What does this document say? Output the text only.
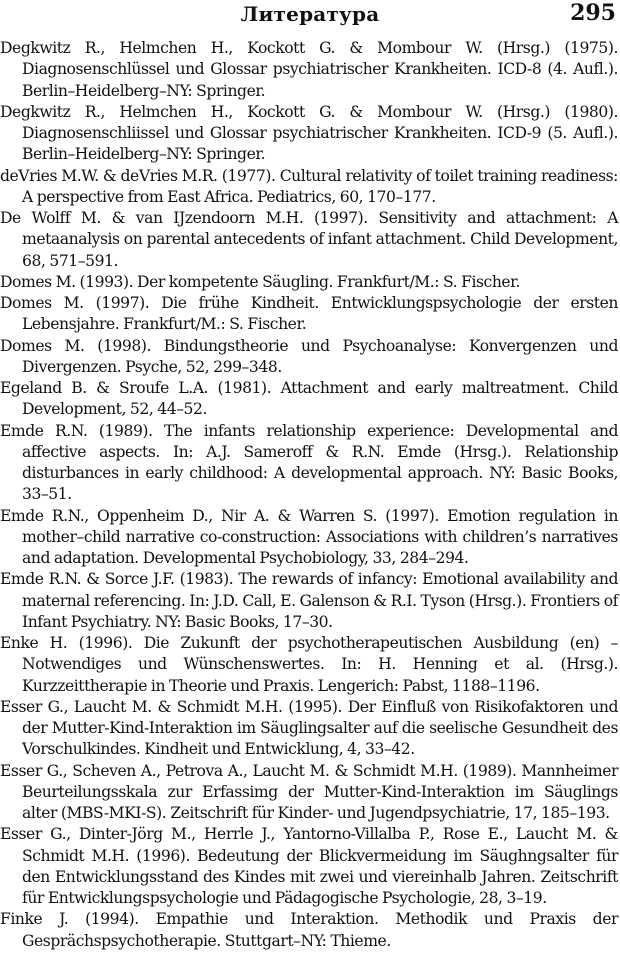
Литература	295

Degkwitz R., Helmchen H., Kockott G. & Mombour W. (Hrsg.) (1975). Diagnosenschlüssel und Glossar psychiatrischer Krankheiten. ICD-8 (4. Aufl.). Berlin–Heidelberg–NY: Springer.

Degkwitz R., Helmchen H., Kockott G. & Mombour W. (Hrsg.) (1980). Diagnosenschliissel und Glossar psychiatrischer Krankheiten. ICD-9 (5. Aufl.). Berlin–Heidelberg–NY: Springer.

deVries M.W. & deVries M.R. (1977). Cultural relativity of toilet training readiness: A perspective from East Africa. Pediatrics, 60, 170–177.

De Wolff M. & van IJzendoorn M.H. (1997). Sensitivity and attachment: A metaanalysis on parental antecedents of infant attachment. Child Development, 68, 571–591.

Domes M. (1993). Der kompetente Säugling. Frankfurt/M.: S. Fischer.

Domes M. (1997). Die frühe Kindheit. Entwicklungspsychologie der ersten Lebensjahre. Frankfurt/M.: S. Fischer.

Domes M. (1998). Bindungstheorie und Psychoanalyse: Konvergenzen und Divergenzen. Psyche, 52, 299–348.

Egeland B. & Sroufe L.A. (1981). Attachment and early maltreatment. Child Development, 52, 44–52.

Emde R.N. (1989). The infants relationship experience: Developmental and affective aspects. In: A.J. Sameroff & R.N. Emde (Hrsg.). Relationship disturbances in early childhood: A developmental approach. NY: Basic Books, 33–51.

Emde R.N., Oppenheim D., Nir A. & Warren S. (1997). Emotion regulation in mother–child narrative co-construction: Associations with children’s narratives and adaptation. Developmental Psychobiology, 33, 284–294.

Emde R.N. & Sorce J.F. (1983). The rewards of infancy: Emotional availability and maternal referencing. In: J.D. Call, E. Galenson & R.I. Tyson (Hrsg.). Frontiers of Infant Psychiatry. NY: Basic Books, 17–30.

Enke H. (1996). Die Zukunft der psychotherapeutischen Ausbildung (en) – Notwendiges und Wünschenswertes. In: H. Henning et al. (Hrsg.). Kurzzeittherapie in Theorie und Praxis. Lengerich: Pabst, 1188–1196.

Esser G., Laucht M. & Schmidt M.H. (1995). Der Einfluß von Risikofaktoren und der Mutter-Kind-Interaktion im Säuglingsalter auf die seelische Gesundheit des Vorschulkindes. Kindheit und Entwicklung, 4, 33–42.

Esser G., Scheven A., Petrova A., Laucht M. & Schmidt M.H. (1989). Mannheimer Beurteilungsskala zur Erfassimg der Mutter-Kind-Interaktion im Säuglings alter (MBS-MKI-S). Zeitschrift für Kinder- und Jugendpsychiatrie, 17, 185–193.

Esser G., Dinter-Jörg M., Herrle J., Yantorno-Villalba P., Rose E., Laucht M. & Schmidt M.H. (1996). Bedeutung der Blickvermeidung im Säughngsalter für den Entwicklungsstand des Kindes mit zwei und viereinhalb Jahren. Zeitschrift für Entwicklungspsychologie und Pädagogische Psychologie, 28, 3–19.

Finke J. (1994). Empathie und Interaktion. Methodik und Praxis der Gesprächspsychotherapie. Stuttgart–NY: Thieme.
